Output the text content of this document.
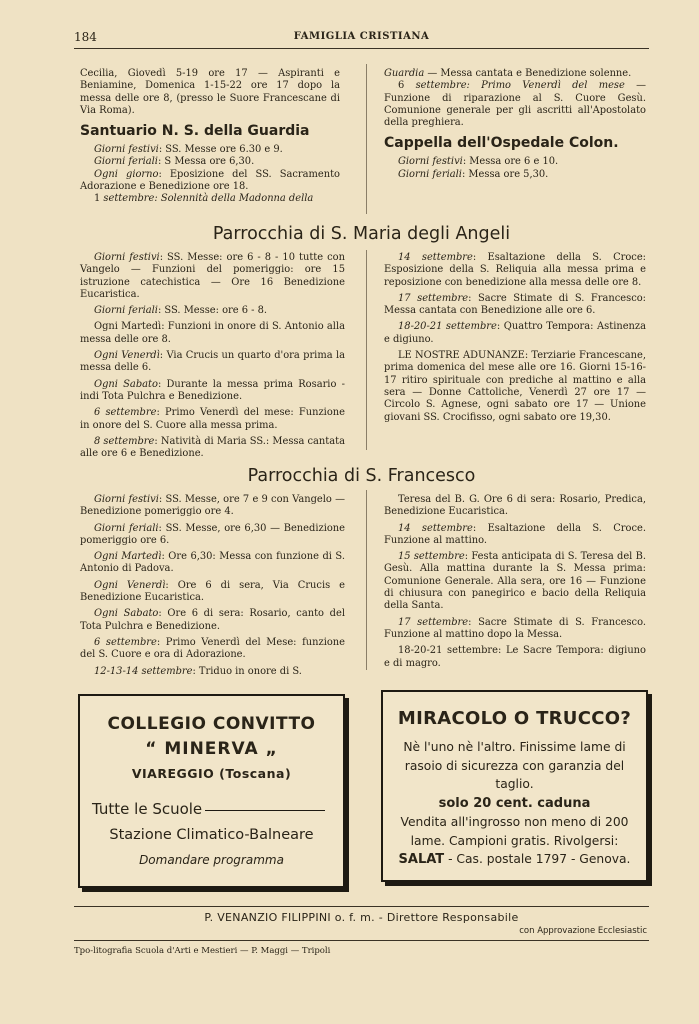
184	FAMIGLIA CRISTIANA

Cecilia, Giovedì 5-19 ore 17 — Aspiranti e Beniamine, Domenica 1-15-22 ore 17 dopo la messa delle ore 8, (presso le Suore Francescane di Via Roma).

Santuario N. S. della Guardia

Giorni festivi: SS. Messe ore 6.30 e 9.

Giorni feriali: S Messa ore 6,30.

Ogni giorno: Eposizione del SS. Sacramento Adorazione e Benedizione ore 18.

1 settembre: Solennità della Madonna della

Guardia — Messa cantata e Benedizione solenne.

6 settembre: Primo Venerdì del mese — Funzione di riparazione al S. Cuore Gesù. Comunione generale per gli ascritti all'Apostolato della preghiera.

Cappella dell'Ospedale Colon.

Giorni festivi: Messa ore 6 e 10.

Giorni feriali: Messa ore 5,30.

Parrocchia di S. Maria degli Angeli

Giorni festivi: SS. Messe: ore 6 - 8 - 10 tutte con Vangelo — Funzioni del pomeriggio: ore 15 istruzione catechistica — Ore 16 Benedizione Eucaristica.

Giorni feriali: SS. Messe: ore 6 - 8.

Ogni Martedì: Funzioni in onore di S. Antonio alla messa delle ore 8.

Ogni Venerdì: Via Crucis un quarto d'ora prima la messa delle 6.

Ogni Sabato: Durante la messa prima Rosario - indi Tota Pulchra e Benedizione.

6 settembre: Primo Venerdì del mese: Funzione in onore del S. Cuore alla messa prima.

8 settembre: Natività di Maria SS.: Messa cantata alle ore 6 e Benedizione.

14 settembre: Esaltazione della S. Croce: Esposizione della S. Reliquia alla messa prima e reposizione con benedizione alla messa delle ore 8.

17 settembre: Sacre Stimate di S. Francesco: Messa cantata con Benedizione alle ore 6.

18-20-21 settembre: Quattro Tempora: Astinenza e digiuno.

LE NOSTRE ADUNANZE: Terziarie Francescane, prima domenica del mese alle ore 16. Giorni 15-16-17 ritiro spirituale con prediche al mattino e alla sera — Donne Cattoliche, Venerdì 27 ore 17 — Circolo S. Agnese, ogni sabato ore 17 — Unione giovani SS. Crocifisso, ogni sabato ore 19,30.

Parrocchia di S. Francesco

Giorni festivi: SS. Messe, ore 7 e 9 con Vangelo — Benedizione pomeriggio ore 4.

Giorni feriali: SS. Messe, ore 6,30 — Benedizione pomeriggio ore 6.

Ogni Martedì: Ore 6,30: Messa con funzione di S. Antonio di Padova.

Ogni Venerdì: Ore 6 di sera, Via Crucis e Benedizione Eucaristica.

Ogni Sabato: Ore 6 di sera: Rosario, canto del Tota Pulchra e Benedizione.

6 settembre: Primo Venerdì del Mese: funzione del S. Cuore e ora di Adorazione.

12-13-14 settembre: Triduo in onore di S.

Teresa del B. G. Ore 6 di sera: Rosario, Predica, Benedizione Eucaristica.

14 settembre: Esaltazione della S. Croce. Funzione al mattino.

15 settembre: Festa anticipata di S. Teresa del B. Gesù. Alla mattina durante la S. Messa prima: Comunione Generale. Alla sera, ore 16 — Funzione di chiusura con panegirico e bacio della Reliquia della Santa.

17 settembre: Sacre Stimate di S. Francesco. Funzione al mattino dopo la Messa.

18-20-21 settembre: Le Sacre Tempora: digiuno e di magro.

COLLEGIO CONVITTO
“ MINERVA „
VIAREGGIO (Toscana)
Tutte le Scuole
Stazione Climatico-Balneare
Domandare programma
MIRACOLO O TRUCCO?
Nè l'uno nè l'altro. Finissime lame di rasoio di sicurezza con garanzia del taglio.
solo 20 cent. caduna
Vendita all'ingrosso non meno di 200 lame. Campioni gratis. Rivolgersi:
SALAT - Cas. postale 1797 - Genova.
P. VENANZIO FILIPPINI o. f. m. - Direttore Responsabile
con Approvazione Ecclesiastic
Tpo-litografia Scuola d'Arti e Mestieri — P. Maggi — Tripoli
